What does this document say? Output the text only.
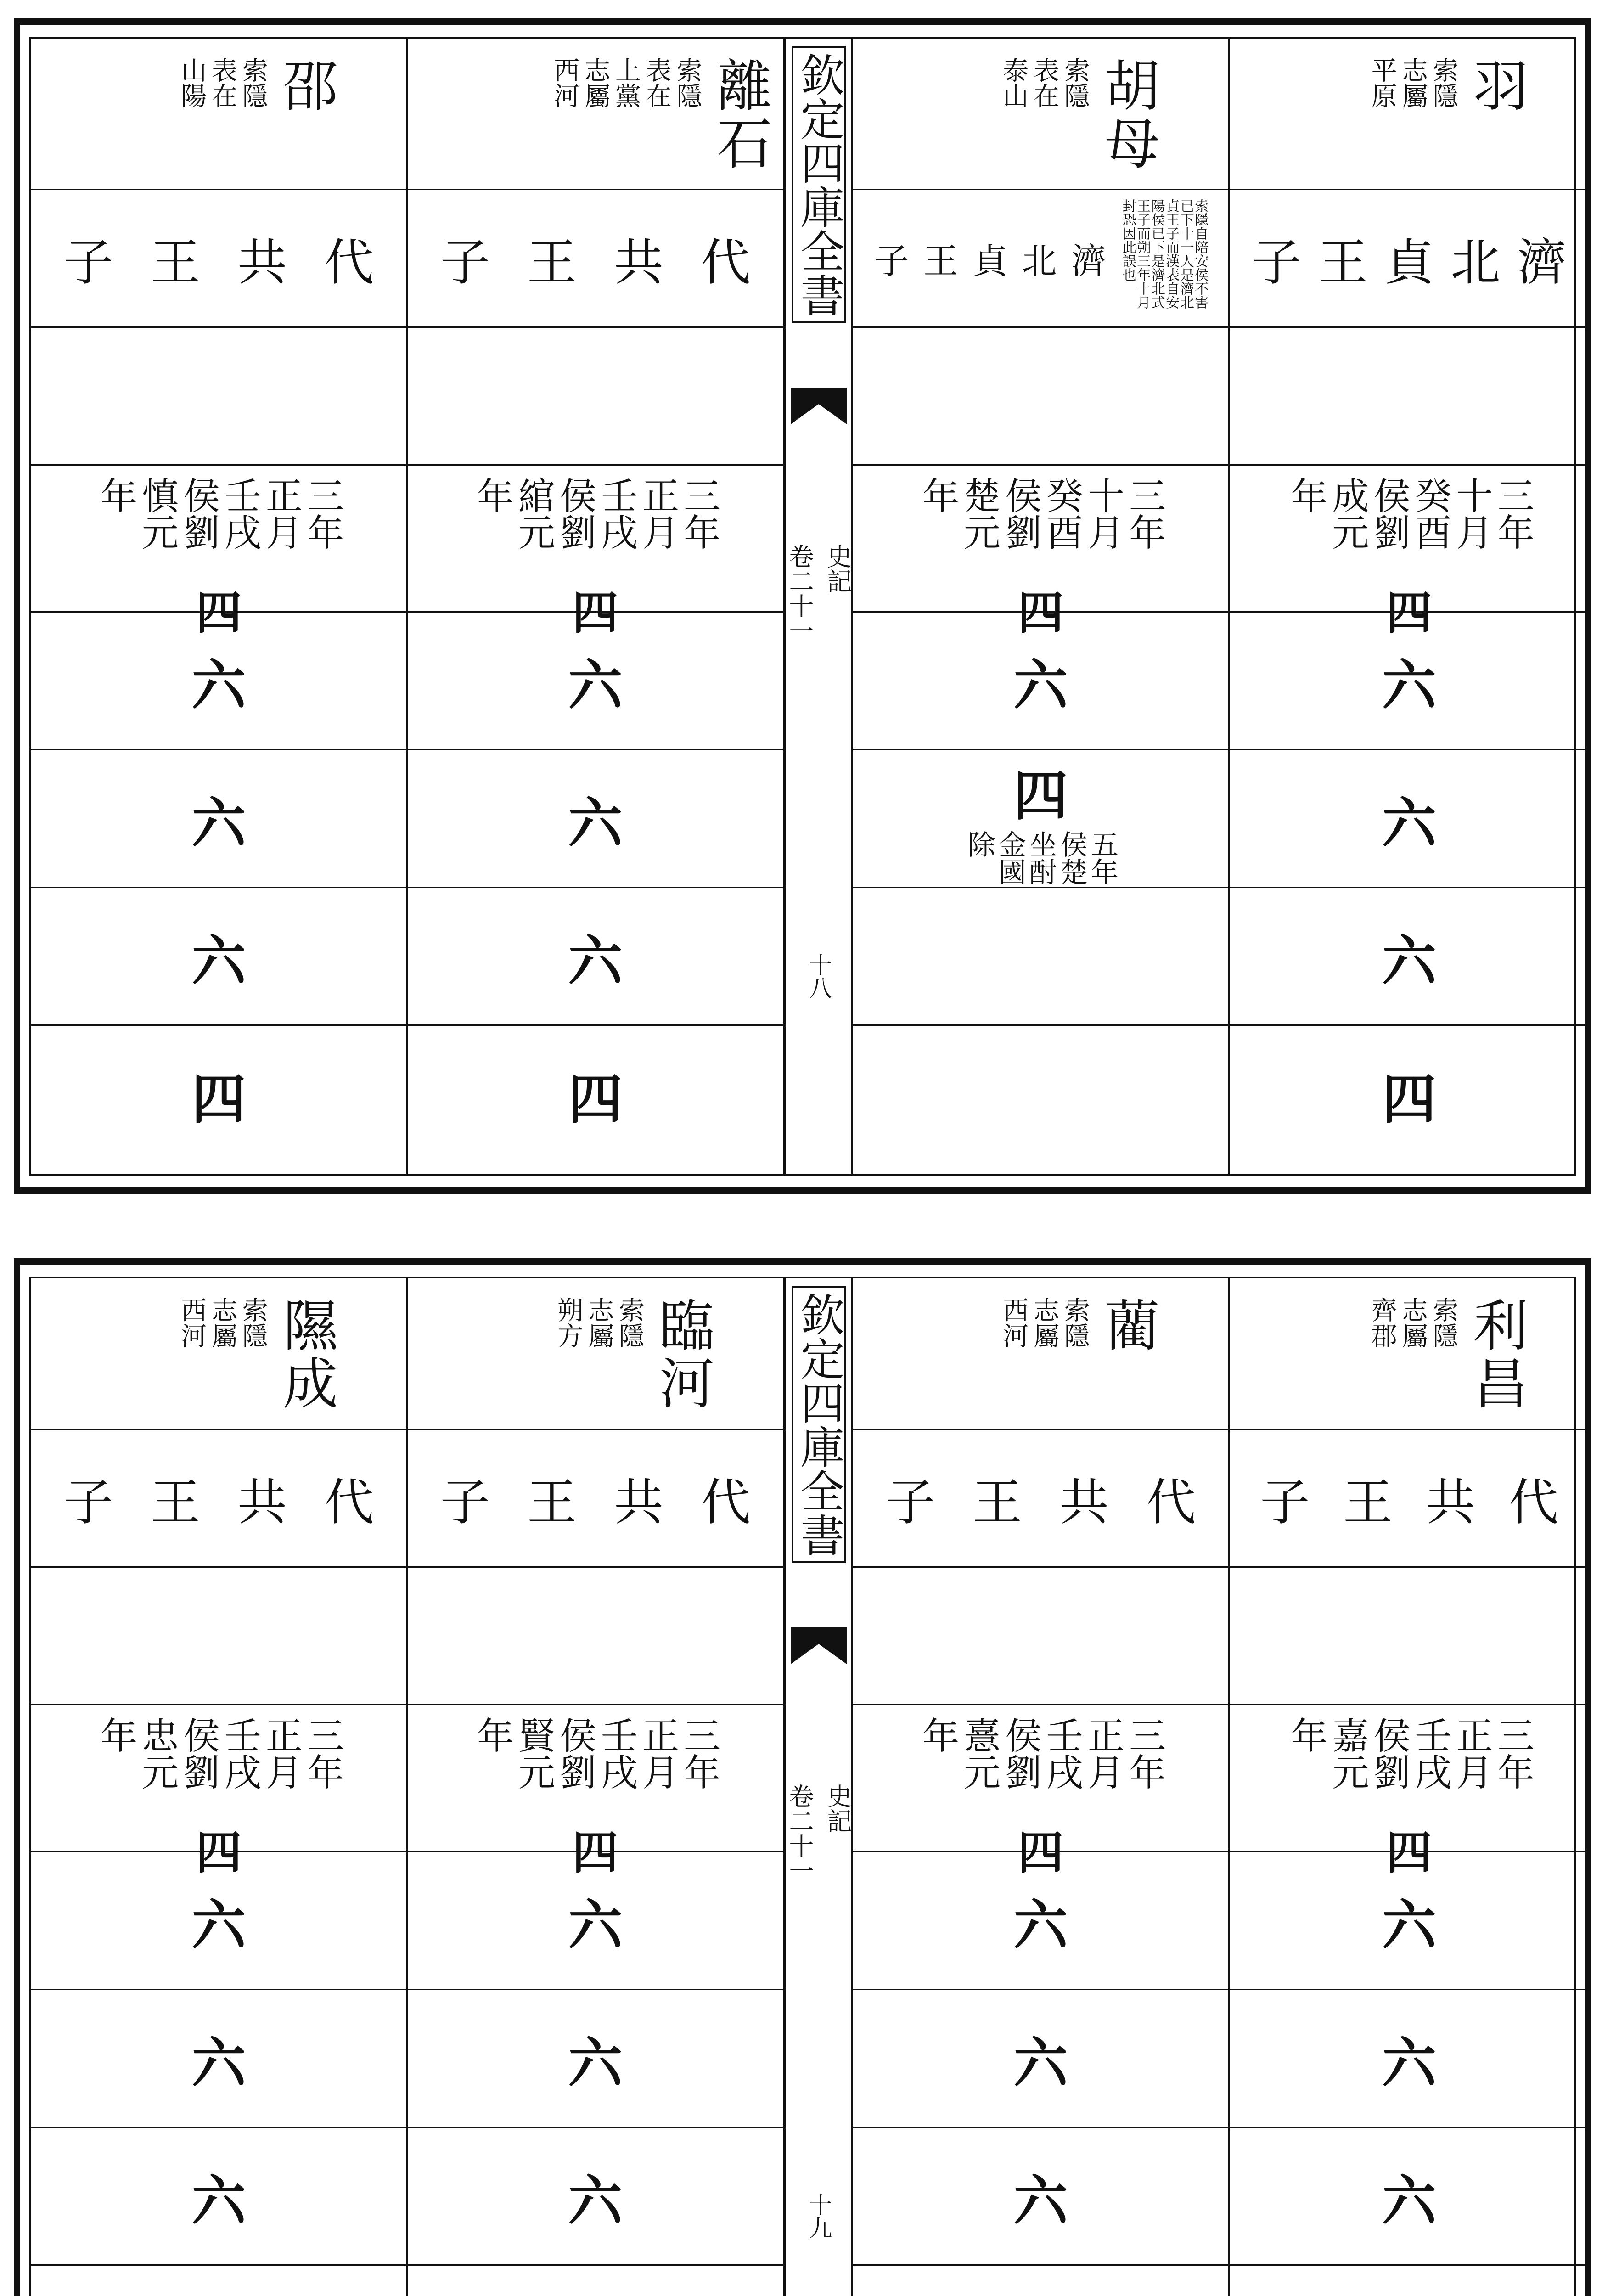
邵
索隱
表在
山陽
代
共
王
子
三年
正月
壬戌
侯劉
慎元
年
六
六
六
四
四
離石
索隱
表在
上黨
志屬
西河
代
共
王
子
三年
正月
壬戌
侯劉
綰元
年
六
六
六
四
四
欽定四庫全書
史記
卷二十一
十八
胡母
索隱
表在
泰山
索隱自陪安侯不害已下十一人是濟北貞王子而漢表自安陽侯已下是濟北式王子而朔三年十月封恐因此誤也
濟
北
貞
王
子
三年
十月
癸酉
侯劉
楚元
年
六
四
五年
侯楚
坐酎
金國
除
四
羽
索隱
志屬
平原
濟
北
貞
王
子
三年
十月
癸酉
侯劉
成元
年
六
六
六
四
四
隰成
索隱
志屬
西河
代
共
王
子
三年
正月
壬戌
侯劉
忠元
年
六
六
六
四
臨河
索隱
志屬
朔方
代
共
王
子
三年
正月
壬戌
侯劉
賢元
年
六
六
六
四
欽定四庫全書
史記
卷二十一
十九
藺
索隱
志屬
西河
代
共
王
子
三年
正月
壬戌
侯劉
憙元
年
六
六
六
四
利昌
索隱
志屬
齊郡
代
共
王
子
三年
正月
壬戌
侯劉
嘉元
年
六
六
六
四
